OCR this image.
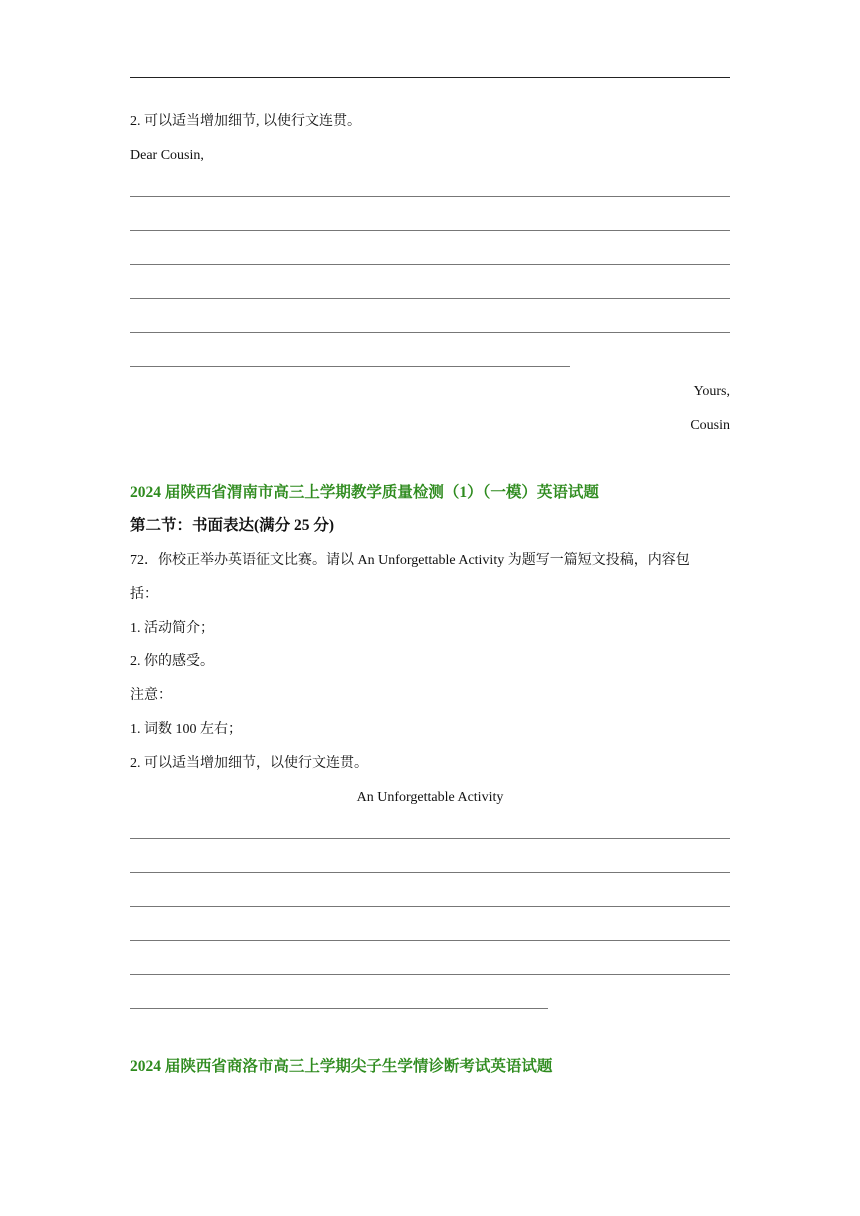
2. 可以适当增加细节, 以使行文连贯。
Dear Cousin,
Yours,
Cousin
2024 届陕西省渭南市高三上学期教学质量检测（1）（一模）英语试题
第二节：书面表达(满分 25 分)
72．你校正举办英语征文比赛。请以 An Unforgettable Activity 为题写一篇短文投稿，内容包
括：
1. 活动简介；
2. 你的感受。
注意：
1. 词数 100 左右；
2. 可以适当增加细节，以使行文连贯。
An Unforgettable Activity
2024 届陕西省商洛市高三上学期尖子生学情诊断考试英语试题
